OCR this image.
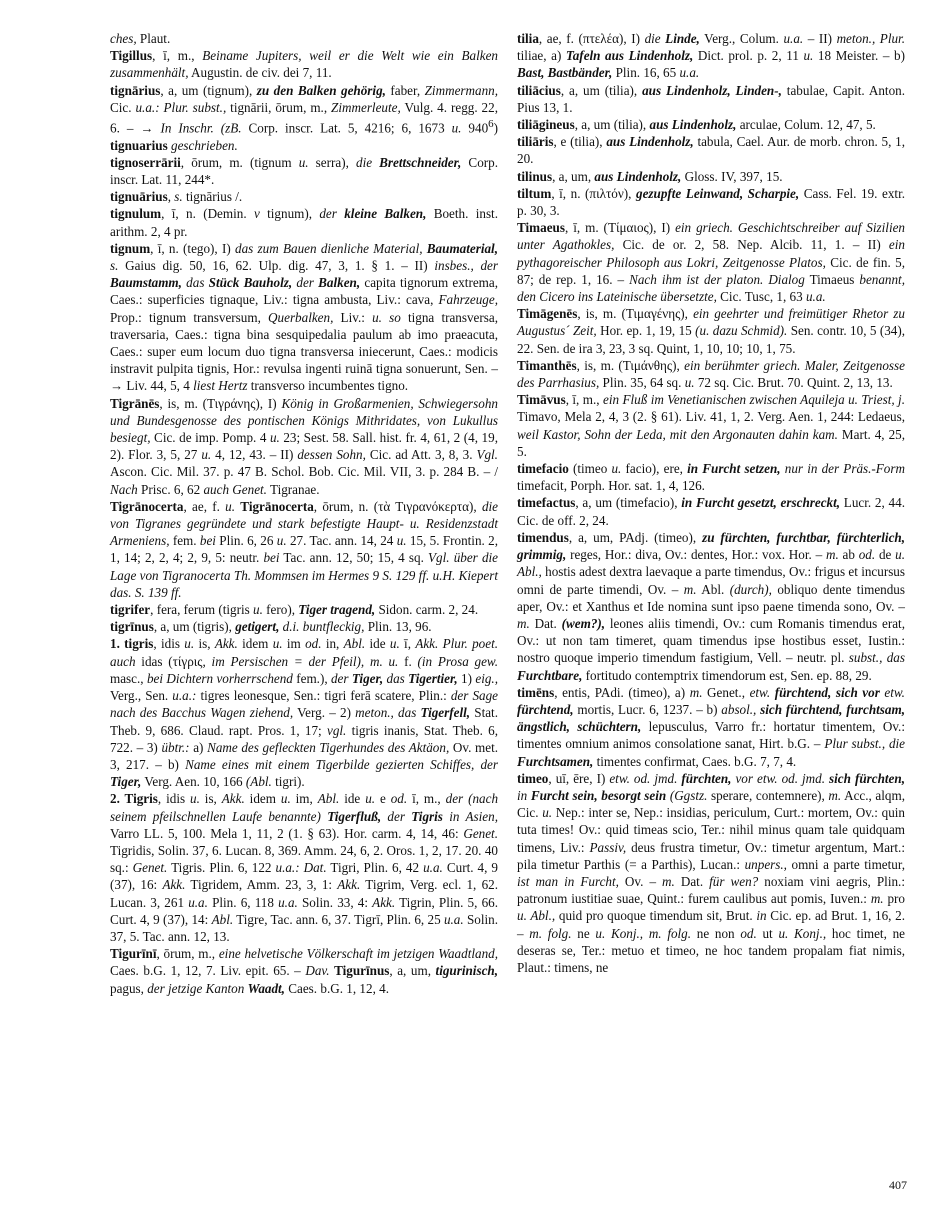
ches, Plaut.

Tigillus, ī, m., Beiname Jupiters, weil er die Welt wie ein Balken zusammenhält, Augustin. de civ. dei 7, 11.

tignārius, a, um (tignum), zu den Balken gehörig, faber, Zimmermann, Cic. u.a.: Plur. subst., tignārii, ōrum, m., Zimmerleute, Vulg. 4. regg. 22, 6. – → In Inschr. (zB. Corp. inscr. Lat. 5, 4216; 6, 1673 u. $940^6$) tignuarius geschrieben.

tignoserrārii, ōrum, m. (tignum u. serra), die Brettschneider, Corp. inscr. Lat. 11, 244*.

tignuārius, s. tignārius /.

tignulum, ī, n. (Demin. v tignum), der kleine Balken, Boeth. inst. arithm. 2, 4 pr.

tignum, ī, n. (tego), I) das zum Bauen dienliche Material, Baumaterial, s. Gaius dig. 50, 16, 62. Ulp. dig. 47, 3, 1. § 1. – II) insbes., der Baumstamm, das Stück Bauholz, der Balken, capita tignorum extrema, Caes.: superficies tignaque, Liv.: tigna ambusta, Liv.: cava, Fahrzeuge, Prop.: tignum transversum, Querbalken, Liv.: u. so tigna transversa, traversaria, Caes.: tigna bina sesquipedalia paulum ab imo praeacuta, Caes.: super eum locum duo tigna transversa iniecerunt, Caes.: modicis instravit pulpita tignis, Hor.: revulsa ingenti ruinā tigna sonuerunt, Sen. – → Liv. 44, 5, 4 liest Hertz transverso incumbentes tigno.

Tigrānēs, is, m. (Τιγράνης), I) König in Großarmenien, Schwiegersohn und Bundesgenosse des pontischen Königs Mithridates, von Lukullus besiegt, Cic. de imp. Pomp. 4 u. 23; Sest. 58. Sall. hist. fr. 4, 61, 2 (4, 19, 2). Flor. 3, 5, 27 u. 4, 12, 43. – II) dessen Sohn, Cic. ad Att. 3, 8, 3. Vgl. Ascon. Cic. Mil. 37. p. 47 B. Schol. Bob. Cic. Mil. VII, 3. p. 284 B. – / Nach Prisc. 6, 62 auch Genet. Tigranae.

Tigrānocerta, ae, f. u. Tigrānocerta, ōrum, n. (τὰ Τιγρανόκερτα), die von Tigranes gegründete und stark befestigte Haupt- u. Residenzstadt Armeniens, fem. bei Plin. 6, 26 u. 27. Tac. ann. 14, 24 u. 15, 5. Frontin. 2, 1, 14; 2, 2, 4; 2, 9, 5: neutr. bei Tac. ann. 12, 50; 15, 4 sq. Vgl. über die Lage von Tigranocerta Th. Mommsen im Hermes 9 S. 129 ff. u.H. Kiepert das. S. 139 ff.

tigrifer, fera, ferum (tigris u. fero), Tiger tragend, Sidon. carm. 2, 24.

tigrīnus, a, um (tigris), getigert, d.i. buntfleckig, Plin. 13, 96.

1. tigris, idis u. is, Akk. idem u. im od. in, Abl. ide u. ī, Akk. Plur. poet. auch idas (τίγρις, im Persischen = der Pfeil), m. u. f. (in Prosa gew. masc., bei Dichtern vorherrschend fem.), der Tiger, das Tigertier, 1) eig., Verg., Sen. u.a.: tigres leonesque, Sen.: tigri ferā scatere, Plin.: der Sage nach des Bacchus Wagen ziehend, Verg. – 2) meton., das Tigerfell, Stat. Theb. 9, 686. Claud. rapt. Pros. 1, 17; vgl. tigris inanis, Stat. Theb. 6, 722. – 3) übtr.: a) Name des gefleckten Tigerhundes des Aktäon, Ov. met. 3, 217. – b) Name eines mit einem Tigerbilde gezierten Schiffes, der Tiger, Verg. Aen. 10, 166 (Abl. tigri).

2. Tigris, idis u. is, Akk. idem u. im, Abl. ide u. e od. ī, m., der (nach seinem pfeilschnellen Laufe benannte) Tigerfluß, der Tigris in Asien, Varro LL. 5, 100. Mela 1, 11, 2 (1. § 63). Hor. carm. 4, 14, 46: Genet. Tigridis, Solin. 37, 6. Lucan. 8, 369. Amm. 24, 6, 2. Oros. 1, 2, 17. 20. 40 sq.: Genet. Tigris. Plin. 6, 122 u.a.: Dat. Tigri, Plin. 6, 42 u.a. Curt. 4, 9 (37), 16: Akk. Tigridem, Amm. 23, 3, 1: Akk. Tigrim, Verg. ecl. 1, 62. Lucan. 3, 261 u.a. Plin. 6, 118 u.a. Solin. 33, 4: Akk. Tigrin, Plin. 5, 66. Curt. 4, 9 (37), 14: Abl. Tigre, Tac. ann. 6, 37. Tigrī, Plin. 6, 25 u.a. Solin. 37, 5. Tac. ann. 12, 13.

Tigurīnī, ōrum, m., eine helvetische Völkerschaft im jetzigen Waadtland, Caes. b.G. 1, 12, 7. Liv. epit. 65. – Dav. Tigurīnus, a, um, tigurinisch, pagus, der jetzige Kanton Waadt, Caes. b.G. 1, 12, 4.

tilia, ae, f. (πτελέα), I) die Linde, Verg., Colum. u.a. – II) meton., Plur. tiliae, a) Tafeln aus Lindenholz, Dict. prol. p. 2, 11 u. 18 Meister. – b) Bast, Bastbänder, Plin. 16, 65 u.a.

tiliācius, a, um (tilia), aus Lindenholz, Linden-, tabulae, Capit. Anton. Pius 13, 1.

tiliāgineus, a, um (tilia), aus Lindenholz, arculae, Colum. 12, 47, 5.

tiliāris, e (tilia), aus Lindenholz, tabula, Cael. Aur. de morb. chron. 5, 1, 20.

tilinus, a, um, aus Lindenholz, Gloss. IV, 397, 15.

tiltum, ī, n. (πιλτόν), gezupfte Leinwand, Scharpie, Cass. Fel. 19. extr. p. 30, 3.

Timaeus, ī, m. (Τίμαιος), I) ein griech. Geschichtschreiber auf Sizilien unter Agathokles, Cic. de or. 2, 58. Nep. Alcib. 11, 1. – II) ein pythagoreischer Philosoph aus Lokri, Zeitgenosse Platos, Cic. de fin. 5, 87; de rep. 1, 16. – Nach ihm ist der platon. Dialog Timaeus benannt, den Cicero ins Lateinische übersetzte, Cic. Tusc, 1, 63 u.a.

Timāgenēs, is, m. (Τιμαγένης), ein geehrter und freimütiger Rhetor zu Augustus´ Zeit, Hor. ep. 1, 19, 15 (u. dazu Schmid). Sen. contr. 10, 5 (34), 22. Sen. de ira 3, 23, 3 sq. Quint, 1, 10, 10; 10, 1, 75.

Timanthēs, is, m. (Τιμάνθης), ein berühmter griech. Maler, Zeitgenosse des Parrhasius, Plin. 35, 64 sq. u. 72 sq. Cic. Brut. 70. Quint. 2, 13, 13.

Timāvus, ī, m., ein Fluß im Venetianischen zwischen Aquileja u. Triest, j. Timavo, Mela 2, 4, 3 (2. § 61). Liv. 41, 1, 2. Verg. Aen. 1, 244: Ledaeus, weil Kastor, Sohn der Leda, mit den Argonauten dahin kam. Mart. 4, 25, 5.

timefacio (timeo u. facio), ere, in Furcht setzen, nur in der Präs.-Form timefacit, Porph. Hor. sat. 1, 4, 126.

timefactus, a, um (timefacio), in Furcht gesetzt, erschreckt, Lucr. 2, 44. Cic. de off. 2, 24.

timendus, a, um, PAdj. (timeo), zu fürchten, furchtbar, fürchterlich, grimmig, reges, Hor.: diva, Ov.: dentes, Hor.: vox. Hor. – m. ab od. de u. Abl., hostis adest dextra laevaque a parte timendus, Ov.: frigus et incursus omni de parte timendi, Ov. – m. Abl. (durch), obliquo dente timendus aper, Ov.: et Xanthus et Ide nomina sunt ipso paene timenda sono, Ov. – m. Dat. (wem?), leones aliis timendi, Ov.: cum Romanis timendus erat, Ov.: ut non tam timeret, quam timendus ipse hostibus esset, Iustin.: nostro quoque imperio timendum fastigium, Vell. – neutr. pl. subst., das Furchtbare, fortitudo contemptrix timendorum est, Sen. ep. 88, 29.

timēns, entis, PAdi. (timeo), a) m. Genet., etw. fürchtend, sich vor etw. fürchtend, mortis, Lucr. 6, 1237. – b) absol., sich fürchtend, furchtsam, ängstlich, schüchtern, lepusculus, Varro fr.: hortatur timentem, Ov.: timentes omnium animos consolatione sanat, Hirt. b.G. – Plur subst., die Furchtsamen, timentes confirmat, Caes. b.G. 7, 7, 4.

timeo, uī, ēre, I) etw. od. jmd. fürchten, vor etw. od. jmd. sich fürchten, in Furcht sein, besorgt sein (Ggstz. sperare, contemnere), m. Acc., alqm, Cic. u. Nep.: inter se, Nep.: insidias, periculum, Curt.: mortem, Ov.: quin tuta times! Ov.: quid timeas scio, Ter.: nihil minus quam tale quidquam timens, Liv.: Passiv, deus frustra timetur, Ov.: timetur argentum, Mart.: pila timetur Parthis (= a Parthis), Lucan.: unpers., omni a parte timetur, ist man in Furcht, Ov. – m. Dat. für wen? noxiam vini aegris, Plin.: patronum iustitiae suae, Quint.: furem caulibus aut pomis, Iuven.: m. pro u. Abl., quid pro quoque timendum sit, Brut. in Cic. ep. ad Brut. 1, 16, 2. – m. folg. ne u. Konj., m. folg. ne non od. ut u. Konj., hoc timet, ne deseras se, Ter.: metuo et timeo, ne hoc tandem propalam fiat nimis, Plaut.: timens, ne

407
